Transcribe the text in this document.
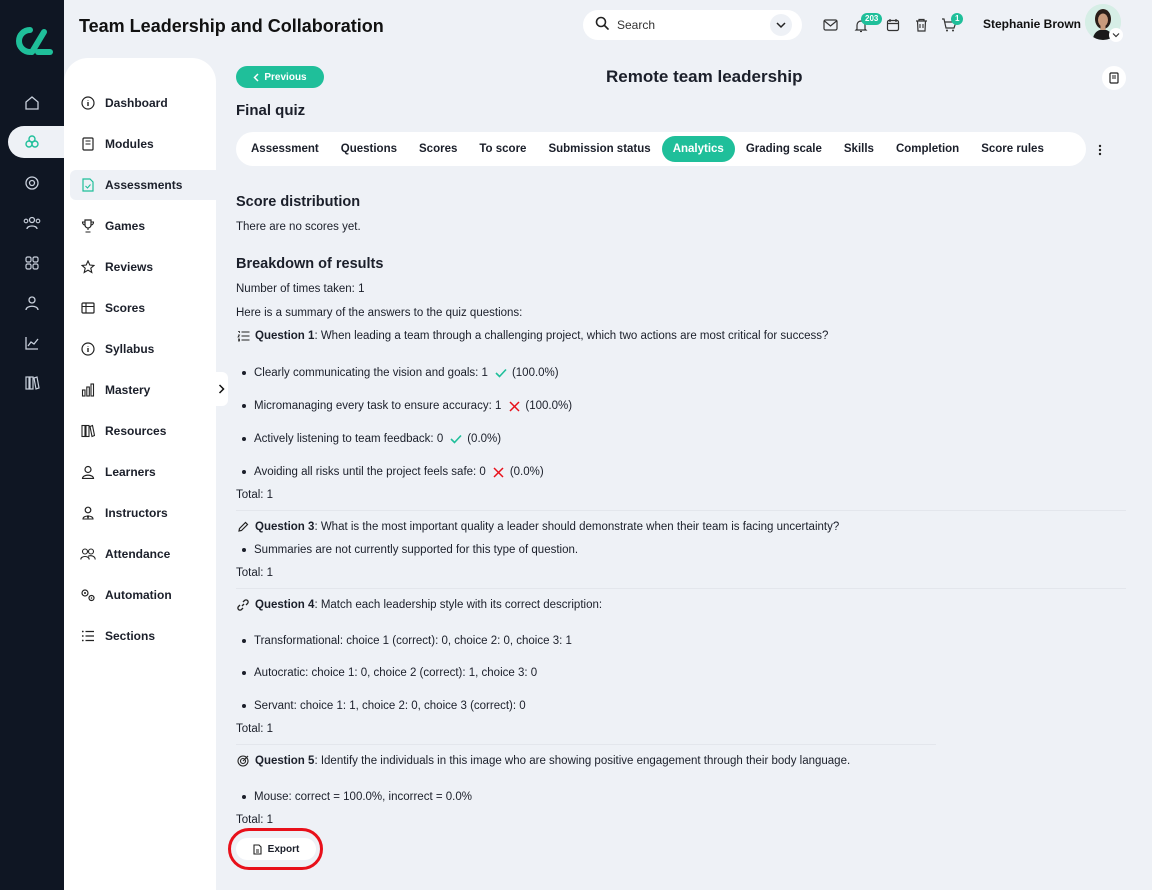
Team Leadership and Collaboration	Search	203	1	Stephanie Brown
Dashboard
Modules
Assessments
Games
Reviews
Scores
Syllabus
Mastery
Resources
Learners
Instructors
Attendance
Automation
Sections
Previous	Remote team leadership
Final quiz
Assessment	Questions	Scores	To score	Submission status	Analytics	Grading scale	Skills	Completion	Score rules
Score distribution
There are no scores yet.
Breakdown of results
Number of times taken: 1
Here is a summary of the answers to the quiz questions:
Question 1 : When leading a team through a challenging project, which two actions are most critical for success?
Clearly communicating the vision and goals: 1 (100.0%)
Micromanaging every task to ensure accuracy: 1 (100.0%)
Actively listening to team feedback: 0 (0.0%)
Avoiding all risks until the project feels safe: 0 (0.0%)
Total: 1
Question 3 : What is the most important quality a leader should demonstrate when their team is facing uncertainty?
Summaries are not currently supported for this type of question.
Total: 1
Question 4 : Match each leadership style with its correct description:
Transformational: choice 1 (correct): 0, choice 2: 0, choice 3: 1
Autocratic: choice 1: 0, choice 2 (correct): 1, choice 3: 0
Servant: choice 1: 1, choice 2: 0, choice 3 (correct): 0
Total: 1
Question 5 : Identify the individuals in this image who are showing positive engagement through their body language.
Mouse: correct = 100.0%, incorrect = 0.0%
Total: 1
Export
